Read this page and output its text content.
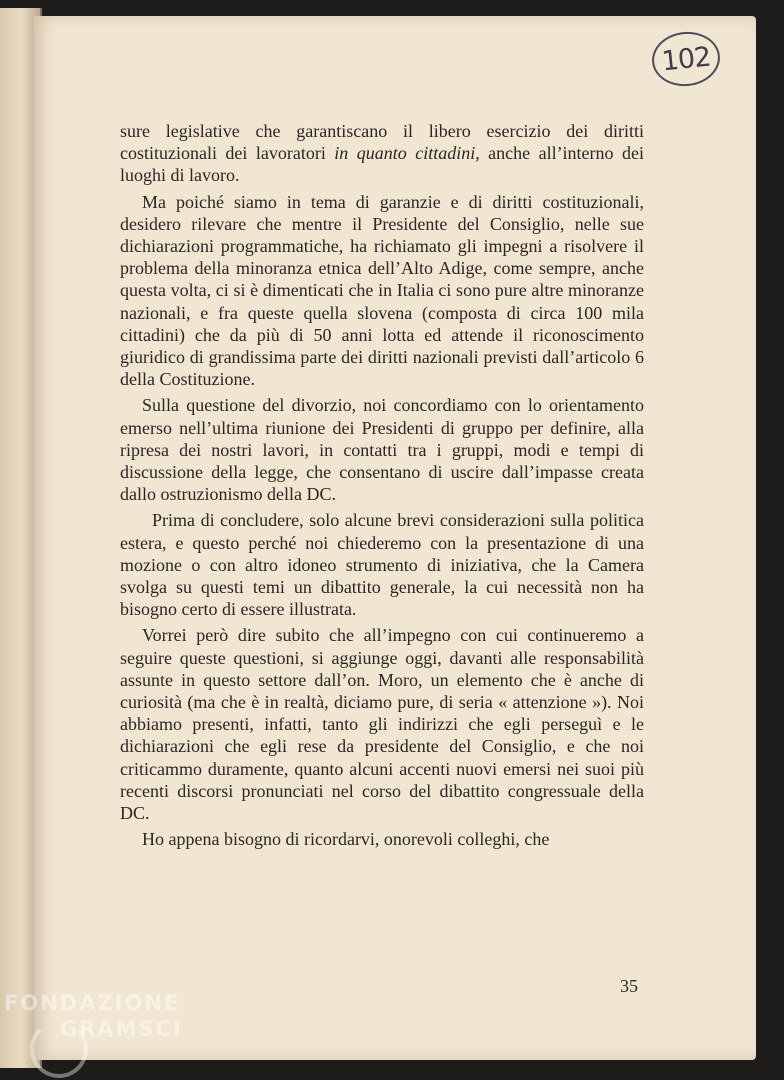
102

sure legislative che garantiscano il libero esercizio dei diritti costituzionali dei lavoratori in quanto cittadini, anche all’interno dei luoghi di lavoro.

Ma poiché siamo in tema di garanzie e di diritti costituzionali, desidero rilevare che mentre il Presidente del Consiglio, nelle sue dichiarazioni programmatiche, ha richiamato gli impegni a risolvere il problema della minoranza etnica dell’Alto Adige, come sempre, anche questa volta, ci si è dimenticati che in Italia ci sono pure altre minoranze nazionali, e fra queste quella slovena (composta di circa 100 mila cittadini) che da più di 50 anni lotta ed attende il riconoscimento giuridico di grandissima parte dei diritti nazionali previsti dall’articolo 6 della Costituzione.

Sulla questione del divorzio, noi concordiamo con lo orientamento emerso nell’ultima riunione dei Presidenti di gruppo per definire, alla ripresa dei nostri lavori, in contatti tra i gruppi, modi e tempi di discussione della legge, che consentano di uscire dall’impasse creata dallo ostruzionismo della DC.

Prima di concludere, solo alcune brevi considerazioni sulla politica estera, e questo perché noi chiederemo con la presentazione di una mozione o con altro idoneo strumento di iniziativa, che la Camera svolga su questi temi un dibattito generale, la cui necessità non ha bisogno certo di essere illustrata.

Vorrei però dire subito che all’impegno con cui continueremo a seguire queste questioni, si aggiunge oggi, davanti alle responsabilità assunte in questo settore dall’on. Moro, un elemento che è anche di curiosità (ma che è in realtà, diciamo pure, di seria « attenzione »). Noi abbiamo presenti, infatti, tanto gli indirizzi che egli perseguì e le dichiarazioni che egli rese da presidente del Consiglio, e che noi criticammo duramente, quanto alcuni accenti nuovi emersi nei suoi più recenti discorsi pronunciati nel corso del dibattito congressuale della DC.

Ho appena bisogno di ricordarvi, onorevoli colleghi, che

35
FONDAZIONE
GRAMSCI
